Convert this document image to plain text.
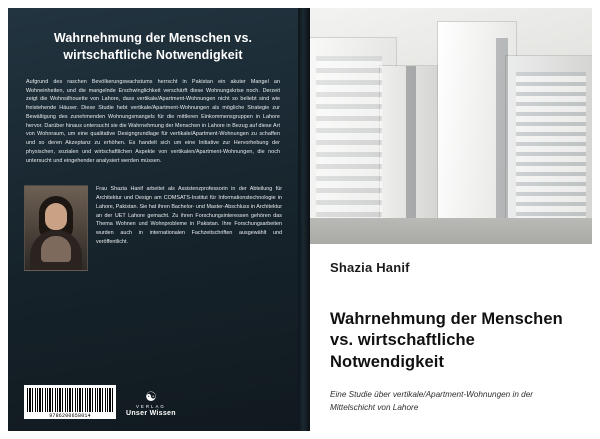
Wahrnehmung der Menschen vs. wirtschaftliche Notwendigkeit
Aufgrund des raschen Bevölkerungswachstums herrscht in Pakistan ein akuter Mangel an Wohneinheiten, und die mangelnde Erschwinglichkeit verschärft diese Wohnungskrise noch. Derzeit zeigt die Wohnsilhouette von Lahore, dass vertikale/Apartment-Wohnungen nicht so beliebt sind wie freistehende Häuser. Diese Studie hebt vertikale/Apartment-Wohnungen als mögliche Strategie zur Bewältigung des zunehmenden Wohnungsmangels für die mittleren Einkommensgruppen in Lahore hervor. Darüber hinaus untersucht sie die Wahrnehmung der Menschen in Lahore in Bezug auf diese Art von Wohnraum, um eine qualitative Designgrundlage für vertikale/Apartment-Wohnungen zu schaffen und so deren Akzeptanz zu erhöhen. Es handelt sich um eine Initiative zur Hervorhebung der physischen, sozialen und wirtschaftlichen Aspekte von vertikalen/Apartment-Wohnungen, die noch untersucht und eingehender analysiert werden müssen.
Frau Shazia Hanif arbeitet als Assistenzprofessorin in der Abteilung für Architektur und Design am COMSATS-Institut für Informationstechnologie in Lahore, Pakistan. Sie hat ihren Bachelor- und Master-Abschluss in Architektur an der UET Lahore gemacht. Zu ihren Forschungsinteressen gehören das Thema Wohnen und Wohnprobleme in Pakistan. Ihre Forschungsarbeiten wurden auch in internationalen Fachzeitschriften ausgewählt und veröffentlicht.
9786200658014
☯
VERLAG
Unser Wissen
Shazia Hanif
Wahrnehmung der Menschen vs. wirtschaftliche Notwendigkeit
Eine Studie über vertikale/Apartment-Wohnungen in der Mittelschicht von Lahore
